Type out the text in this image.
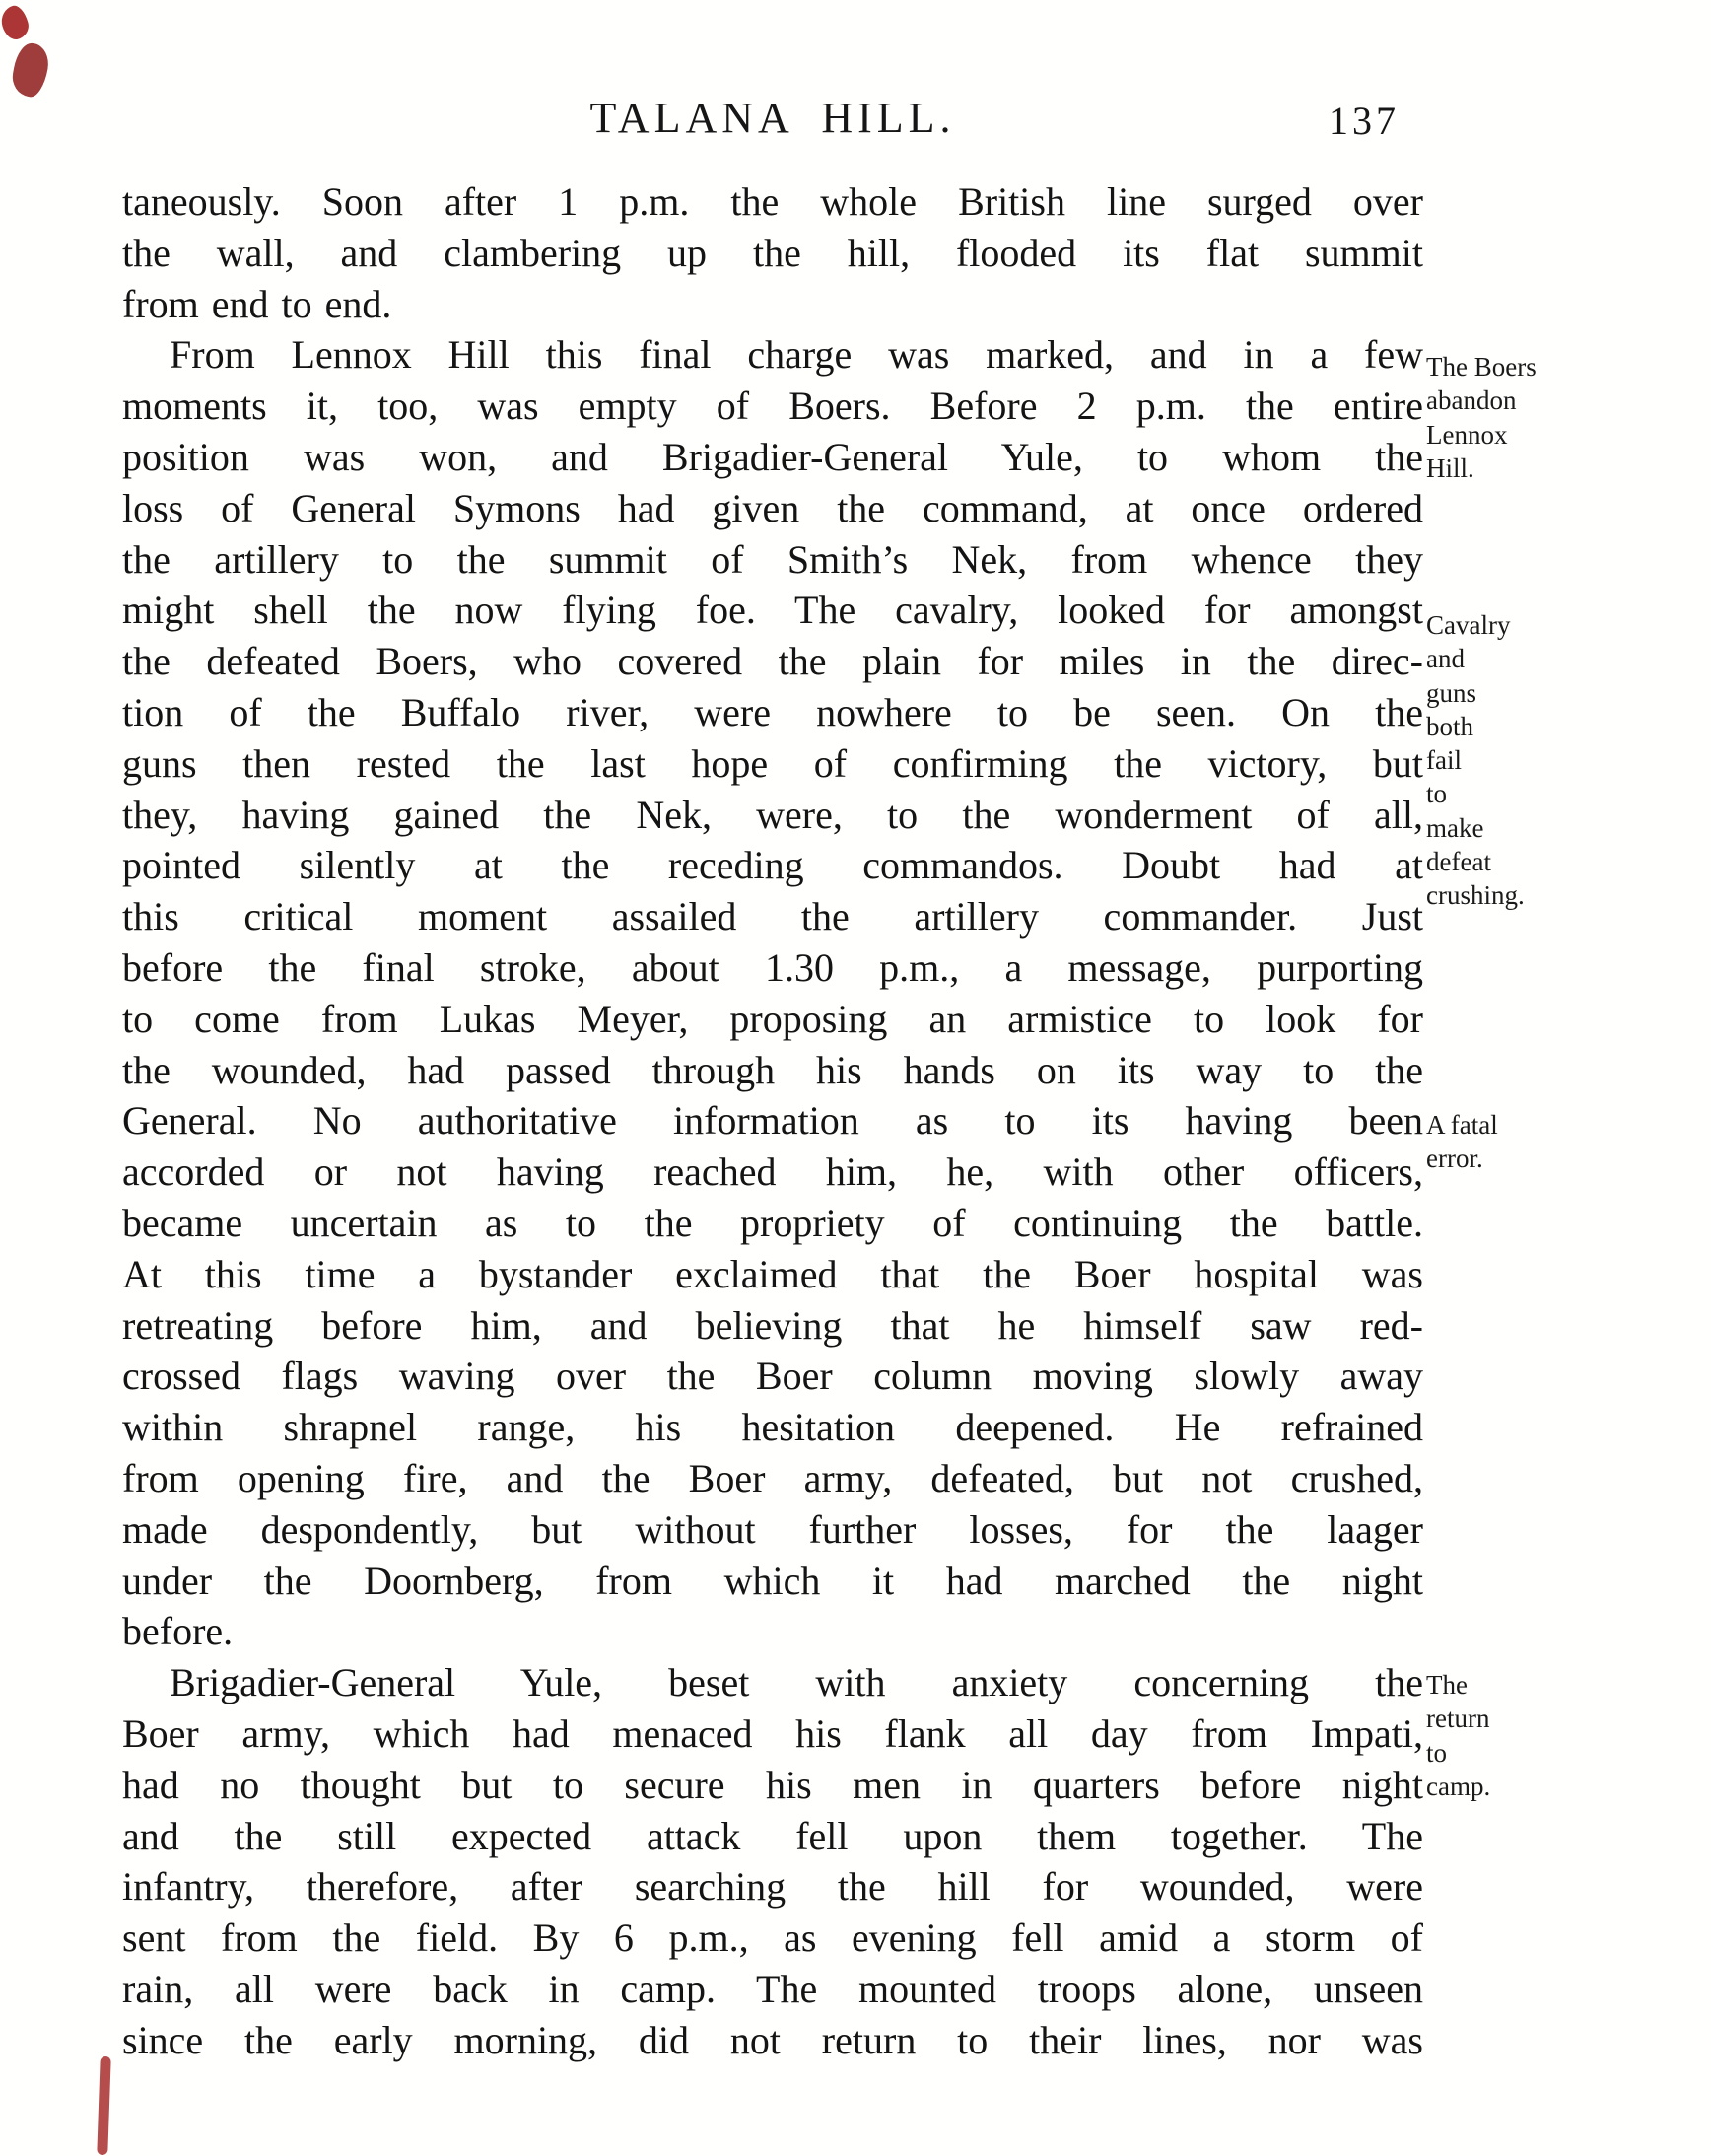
TALANA HILL.	137
taneously. Soon after 1 p.m. the whole British line surged over
the wall, and clambering up the hill, flooded its flat summit
from end to end.
From Lennox Hill this final charge was marked, and in a few
moments it, too, was empty of Boers. Before 2 p.m. the entire
position was won, and Brigadier-General Yule, to whom the
loss of General Symons had given the command, at once ordered
the artillery to the summit of Smith’s Nek, from whence they
might shell the now flying foe. The cavalry, looked for amongst
the defeated Boers, who covered the plain for miles in the direc-
tion of the Buffalo river, were nowhere to be seen. On the
guns then rested the last hope of confirming the victory, but
they, having gained the Nek, were, to the wonderment of all,
pointed silently at the receding commandos. Doubt had at
this critical moment assailed the artillery commander. Just
before the final stroke, about 1.30 p.m., a message, purporting
to come from Lukas Meyer, proposing an armistice to look for
the wounded, had passed through his hands on its way to the
General. No authoritative information as to its having been
accorded or not having reached him, he, with other officers,
became uncertain as to the propriety of continuing the battle.
At this time a bystander exclaimed that the Boer hospital was
retreating before him, and believing that he himself saw red-
crossed flags waving over the Boer column moving slowly away
within shrapnel range, his hesitation deepened. He refrained
from opening fire, and the Boer army, defeated, but not crushed,
made despondently, but without further losses, for the laager
under the Doornberg, from which it had marched the night
before.
Brigadier-General Yule, beset with anxiety concerning the
Boer army, which had menaced his flank all day from Impati,
had no thought but to secure his men in quarters before night
and the still expected attack fell upon them together. The
infantry, therefore, after searching the hill for wounded, were
sent from the field. By 6 p.m., as evening fell amid a storm of
rain, all were back in camp. The mounted troops alone, unseen
since the early morning, did not return to their lines, nor was
The Boers
abandon
Lennox
Hill.
Cavalry
and
guns
both
fail
to
make
defeat
crushing.
A fatal
error.
The
return
to
camp.
